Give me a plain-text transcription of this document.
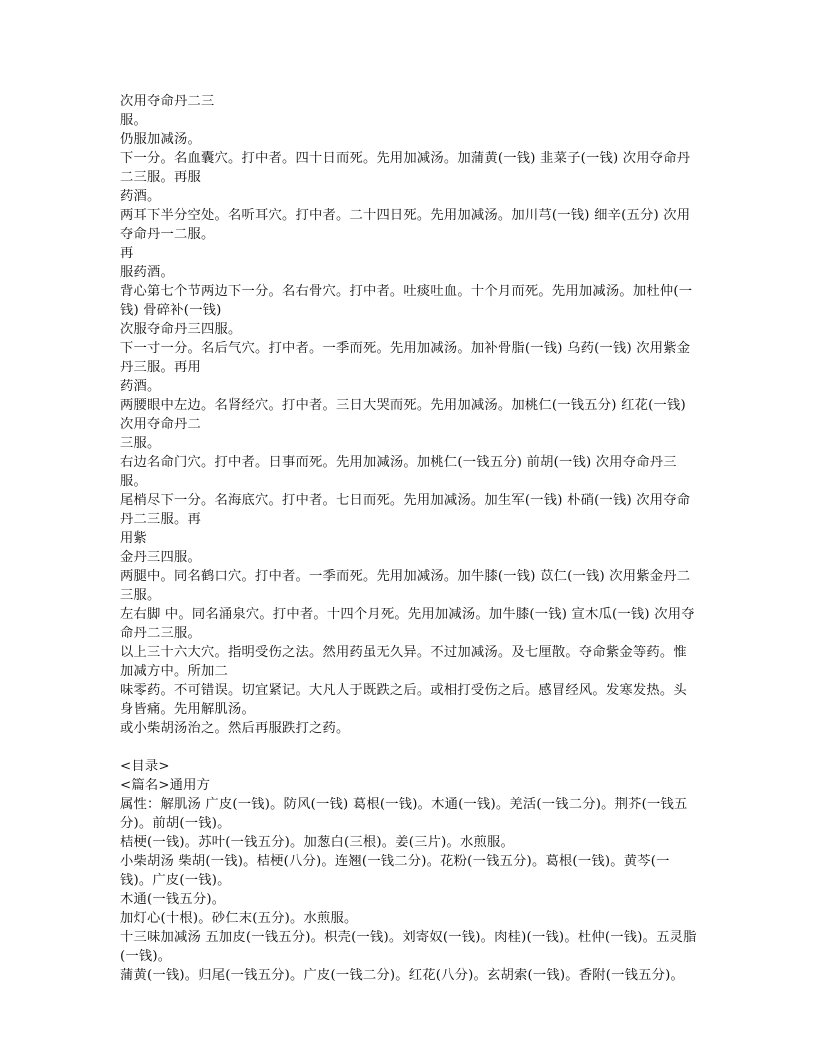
次用夺命丹二三

服。

仍服加减汤。

下一分。名血囊穴。打中者。四十日而死。先用加减汤。加蒲黄(一钱) 韭菜子(一钱) 次用夺命丹二三服。再服

药酒。

两耳下半分空处。名听耳穴。打中者。二十四日死。先用加减汤。加川芎(一钱) 细辛(五分) 次用夺命丹一二服。

再

服药酒。

背心第七个节两边下一分。名右骨穴。打中者。吐痰吐血。十个月而死。先用加减汤。加杜仲(一钱) 骨碎补(一钱)

次服夺命丹三四服。

下一寸一分。名后气穴。打中者。一季而死。先用加减汤。加补骨脂(一钱) 乌药(一钱) 次用紫金丹三服。再用

药酒。

两腰眼中左边。名肾经穴。打中者。三日大哭而死。先用加减汤。加桃仁(一钱五分) 红花(一钱) 次用夺命丹二

三服。

右边名命门穴。打中者。日事而死。先用加减汤。加桃仁(一钱五分) 前胡(一钱) 次用夺命丹三服。

尾梢尽下一分。名海底穴。打中者。七日而死。先用加减汤。加生军(一钱) 朴硝(一钱) 次用夺命丹二三服。再

用紫

金丹三四服。

两腿中。同名鹤口穴。打中者。一季而死。先用加减汤。加牛膝(一钱) 苡仁(一钱) 次用紫金丹二三服。

左右脚 中。同名涌泉穴。打中者。十四个月死。先用加减汤。加牛膝(一钱) 宣木瓜(一钱) 次用夺命丹二三服。

以上三十六大穴。指明受伤之法。然用药虽无久异。不过加减汤。及七厘散。夺命紫金等药。惟加减方中。所加二

味零药。不可错误。切宜紧记。大凡人于既跌之后。或相打受伤之后。感冒经风。发寒发热。头身皆痛。先用解肌汤。

或小柴胡汤治之。然后再服跌打之药。

<目录>

<篇名>通用方

属性：解肌汤 广皮(一钱)。防风(一钱) 葛根(一钱)。木通(一钱)。羌活(一钱二分)。荆芥(一钱五分)。前胡(一钱)。

桔梗(一钱)。苏叶(一钱五分)。加葱白(三根)。姜(三片)。水煎服。

小柴胡汤 柴胡(一钱)。桔梗(八分)。连翘(一钱二分)。花粉(一钱五分)。葛根(一钱)。黄芩(一钱)。广皮(一钱)。

木通(一钱五分)。

加灯心(十根)。砂仁末(五分)。水煎服。

十三味加减汤 五加皮(一钱五分)。枳壳(一钱)。刘寄奴(一钱)。肉桂)(一钱)。杜仲(一钱)。五灵脂(一钱)。

蒲黄(一钱)。归尾(一钱五分)。广皮(一钱二分)。红花(八分)。玄胡索(一钱)。香附(一钱五分)。
